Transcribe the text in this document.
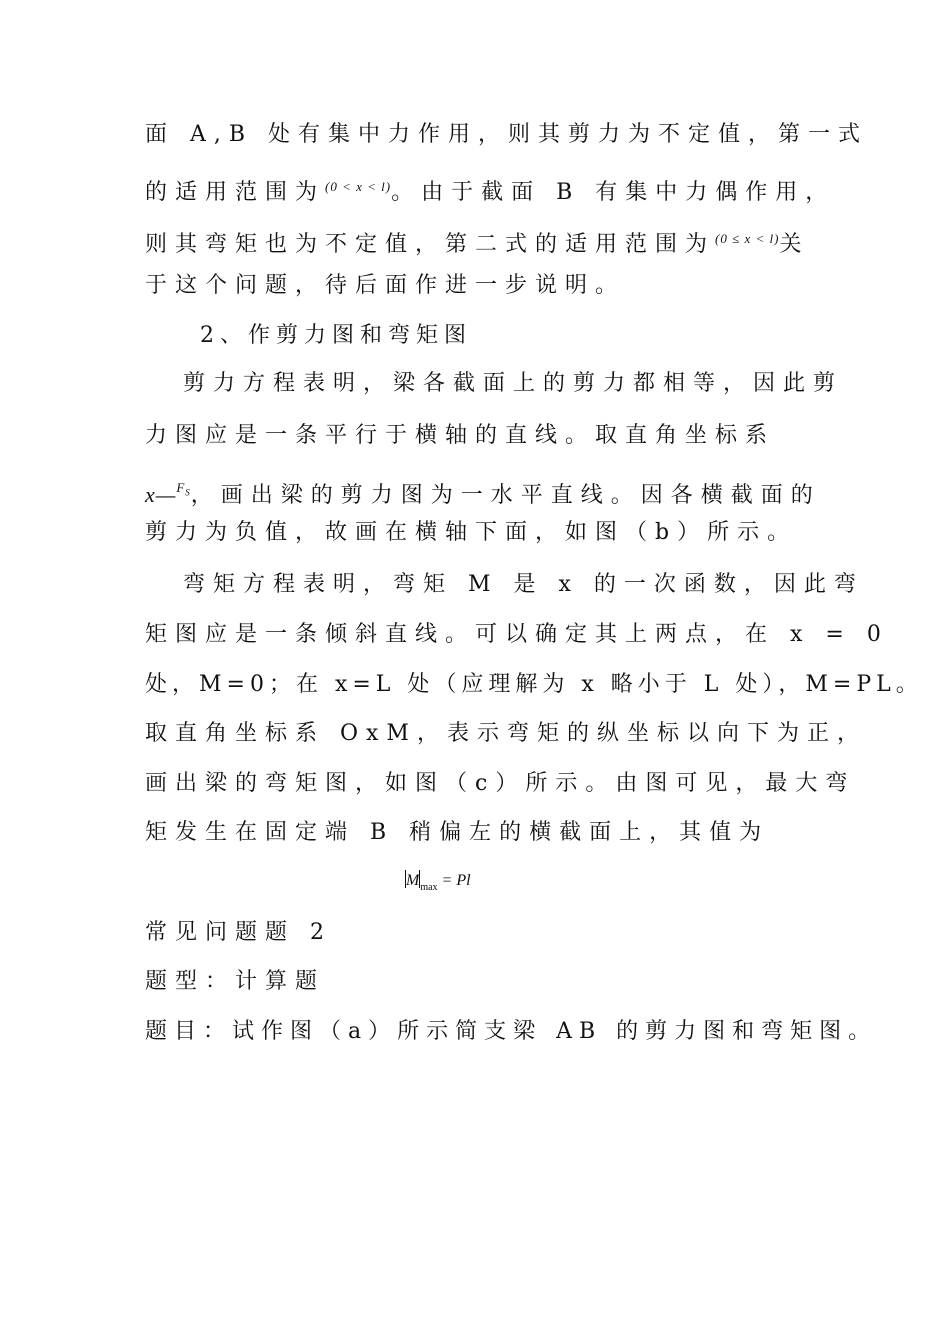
面 A,B 处有集中力作用，则其剪力为不定值，第一式
的适用范围为$^{(0 < x < l)}$。由于截面 B 有集中力偶作用，
则其弯矩也为不定值，第二式的适用范围为$^{(0 \le x < l)}$关
于这个问题，待后面作进一步说明。
2、作剪力图和弯矩图
剪力方程表明，梁各截面上的剪力都相等，因此剪
力图应是一条平行于横轴的直线。取直角坐标系
x—$^{F_S}$，画出梁的剪力图为一水平直线。因各横截面的
剪力为负值，故画在横轴下面，如图（b）所示。
弯矩方程表明，弯矩 M 是 x 的一次函数，因此弯
矩图应是一条倾斜直线。可以确定其上两点，在 x = 0
处，M=0；在 x=L 处（应理解为 x 略小于 L 处），M=PL。
取直角坐标系 OxM，表示弯矩的纵坐标以向下为正，
画出梁的弯矩图，如图（c）所示。由图可见，最大弯
矩发生在固定端 B 稍偏左的横截面上，其值为
$M_{max} = Pl$
常见问题题 2
题型：计算题
题目：试作图（a）所示简支梁 AB 的剪力图和弯矩图。
